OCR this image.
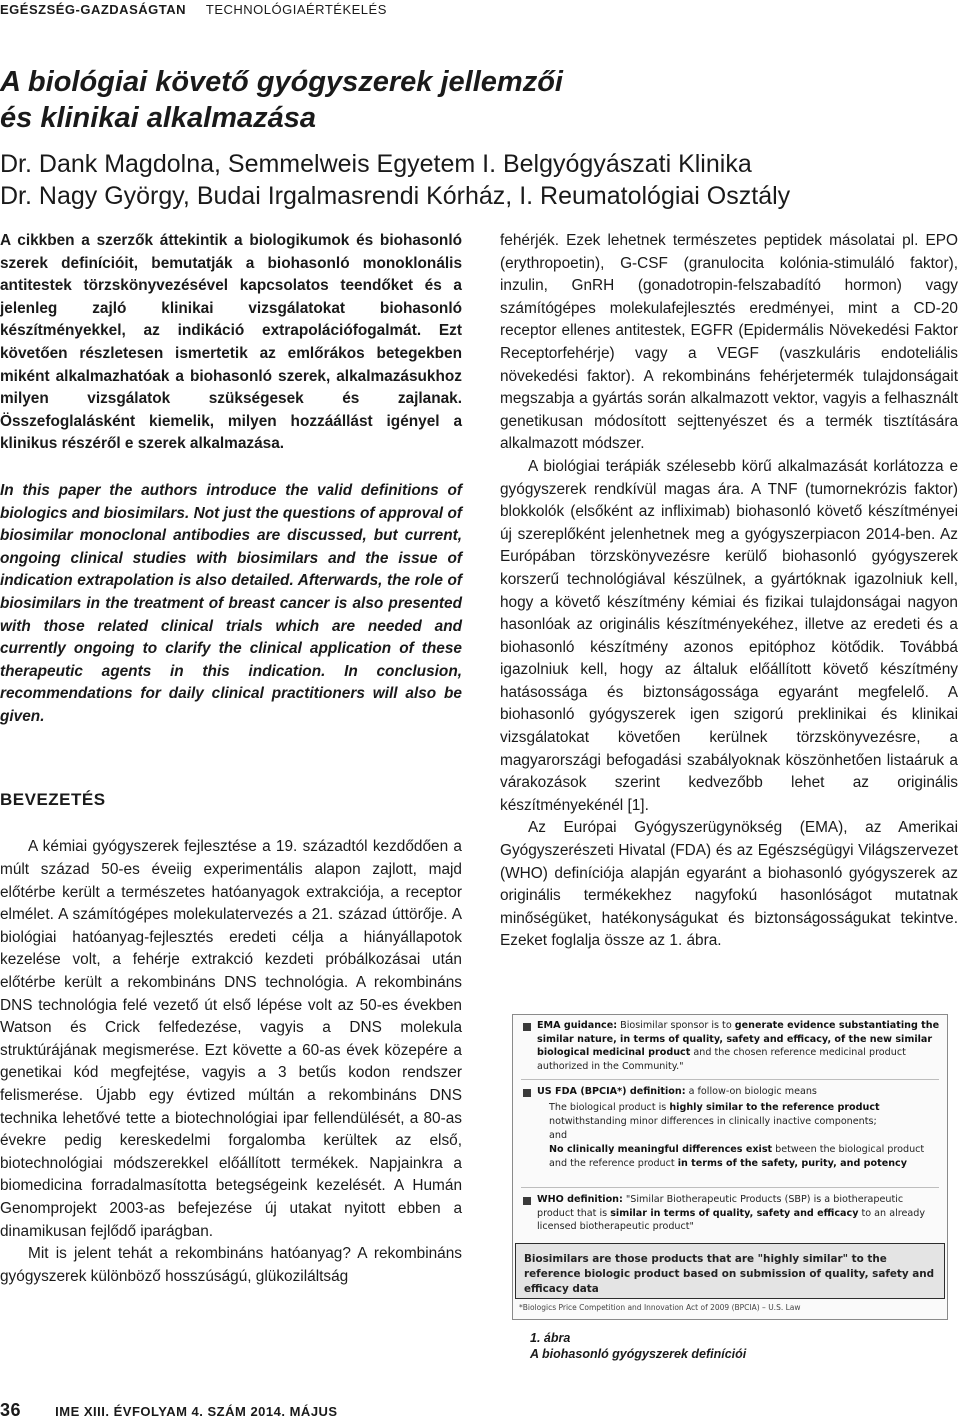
EGÉSZSÉG-GAZDASÁGTAN TECHNOLÓGIAÉRTÉKELÉS
A biológiai követő gyógyszerek jellemzői
és klinikai alkalmazása
Dr. Dank Magdolna, Semmelweis Egyetem I. Belgyógyászati Klinika
Dr. Nagy György, Budai Irgalmasrendi Kórház, I. Reumatológiai Osztály

A cikkben a szerzők áttekintik a biologikumok és biohasonló szerek definícióit, bemutatják a biohasonló monoklonális antitestek törzskönyvezésével kapcsolatos teendőket és a jelenleg zajló klinikai vizsgálatokat biohasonló készítményekkel, az indikáció extrapolációfogalmát. Ezt követően részletesen ismertetik az emlőrákos betegekben miként alkalmazhatóak a biohasonló szerek, alkalmazásukhoz milyen vizsgálatok szükségesek és zajlanak. Összefoglalásként kiemelik, milyen hozzáállást igényel a klinikus részéről e szerek alkalmazása.

In this paper the authors introduce the valid definitions of biologics and biosimilars. Not just the questions of approval of biosimilar monoclonal antibodies are discussed, but current, ongoing clinical studies with biosimilars and the issue of indication extrapolation is also detailed. Afterwards, the role of biosimilars in the treatment of breast cancer is also presented with those related clinical trials which are needed and currently ongoing to clarify the clinical application of these therapeutic agents in this indication. In conclusion, recommendations for daily clinical practitioners will also be given.

BEVEZETÉS

A kémiai gyógyszerek fejlesztése a 19. századtól kezdődően a múlt század 50-es éveiig experimentális alapon zajlott, majd előtérbe került a természetes hatóanyagok extrakciója, a receptor elmélet. A számítógépes molekulatervezés a 21. század úttörője. A biológiai hatóanyag-fejlesztés eredeti célja a hiányállapotok kezelése volt, a fehérje extrakció kezdeti próbálkozásai után előtérbe került a rekombináns DNS technológia. A rekombináns DNS technológia felé vezető út első lépése volt az 50-es években Watson és Crick felfedezése, vagyis a DNS molekula struktúrájának megismerése. Ezt követte a 60-as évek közepére a genetikai kód megfejtése, vagyis a 3 betűs kodon rendszer felismerése. Újabb egy évtized múltán a rekombináns DNS technika lehetővé tette a biotechnológiai ipar fellendülését, a 80-as évekre pedig kereskedelmi forgalomba kerültek az első, biotechnológiai módszerekkel előállított termékek. Napjainkra a biomedicina forradalmasította betegségeink kezelését. A Humán Genomprojekt 2003-as befejezése új utakat nyitott ebben a dinamikusan fejlődő iparágban.

Mit is jelent tehát a rekombináns hatóanyag? A rekombináns gyógyszerek különböző hosszúságú, glükoziláltság

fehérjék. Ezek lehetnek természetes peptidek másolatai pl. EPO (erythropoetin), G-CSF (granulocita kolónia-stimuláló faktor), inzulin, GnRH (gonadotropin-felszabadító hormon) vagy számítógépes molekulafejlesztés eredményei, mint a CD-20 receptor ellenes antitestek, EGFR (Epidermális Növekedési Faktor Receptorfehérje) vagy a VEGF (vaszkuláris endoteliális növekedési faktor). A rekombináns fehérjetermék tulajdonságait megszabja a gyártás során alkalmazott vektor, vagyis a felhasznált genetikusan módosított sejttenyészet és a termék tisztítására alkalmazott módszer.

A biológiai terápiák szélesebb körű alkalmazását korlátozza e gyógyszerek rendkívül magas ára. A TNF (tumornekrózis faktor) blokkolók (elsőként az infliximab) biohasonló követő készítményei új szereplőként jelenhetnek meg a gyógyszerpiacon 2014-ben. Az Európában törzskönyvezésre kerülő biohasonló gyógyszerek korszerű technológiával készülnek, a gyártóknak igazolniuk kell, hogy a követő készítmény kémiai és fizikai tulajdonságai nagyon hasonlóak az originális készítményekéhez, illetve az eredeti és a biohasonló készítmény azonos epitóphoz kötődik. Továbbá igazolniuk kell, hogy az általuk előállított követő készítmény hatásossága és biztonságossága egyaránt megfelelő. A biohasonló gyógyszerek igen szigorú preklinikai és klinikai vizsgálatokat követően kerülnek törzskönyvezésre, a magyarországi befogadási szabályoknak köszönhetően listaáruk a várakozások szerint kedvezőbb lehet az originális készítményekénél [1].

Az Európai Gyógyszerügynökség (EMA), az Amerikai Gyógyszerészeti Hivatal (FDA) és az Egészségügyi Világszervezet (WHO) definíciója alapján egyaránt a biohasonló gyógyszerek az originális termékekhez nagyfokú hasonlóságot mutatnak minőségüket, hatékonyságukat és biztonságosságukat tekintve. Ezeket foglalja össze az 1. ábra.

EMA guidance: Biosimilar sponsor is to generate evidence substantiating the similar nature, in terms of quality, safety and efficacy, of the new similar biological medicinal product and the chosen reference medicinal product authorized in the Community."
US FDA (BPCIA*) definition: a follow-on biologic means
The biological product is highly similar to the reference product notwithstanding minor differences in clinically inactive components;
and
No clinically meaningful differences exist between the biological product and the reference product in terms of the safety, purity, and potency
WHO definition: "Similar Biotherapeutic Products (SBP) is a biotherapeutic product that is similar in terms of quality, safety and efficacy to an already licensed biotherapeutic product"
Biosimilars are those products that are "highly similar" to the reference biologic product based on submission of quality, safety and efficacy data
*Biologics Price Competition and Innovation Act of 2009 (BPCIA) – U.S. Law
1. ábra
A biohasonló gyógyszerek definíciói
36	IME XIII. ÉVFOLYAM 4. SZÁM 2014. MÁJUS
